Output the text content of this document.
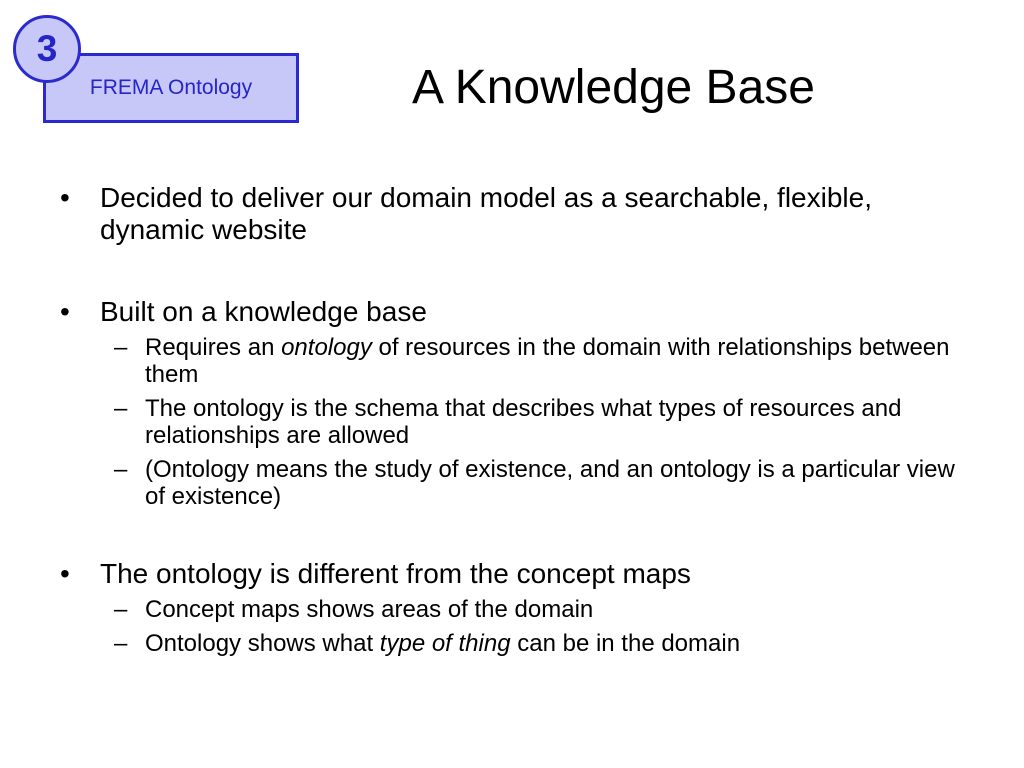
3
FREMA Ontology	A Knowledge Base
• Decided to deliver our domain model as a searchable, flexible, dynamic website
• Built on a knowledge base
– Requires an ontology of resources in the domain with relationships between them
– The ontology is the schema that describes what types of resources and relationships are allowed
– (Ontology means the study of existence, and an ontology is a particular view of existence)
• The ontology is different from the concept maps
– Concept maps shows areas of the domain
– Ontology shows what type of thing can be in the domain
